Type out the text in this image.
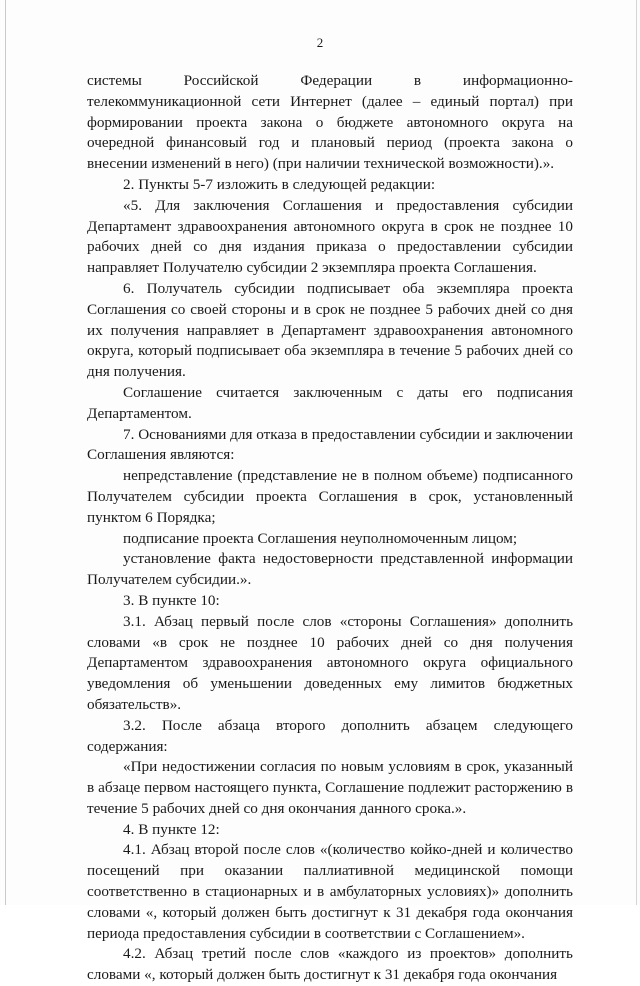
2

системы Российской Федерации в информационно-телекоммуникационной сети Интернет (далее – единый портал) при формировании проекта закона о бюджете автономного округа на очередной финансовый год и плановый период (проекта закона о внесении изменений в него) (при наличии технической возможности).».

2. Пункты 5-7 изложить в следующей редакции:

«5. Для заключения Соглашения и предоставления субсидии Департамент здравоохранения автономного округа в срок не позднее 10 рабочих дней со дня издания приказа о предоставлении субсидии направляет Получателю субсидии 2 экземпляра проекта Соглашения.

6. Получатель субсидии подписывает оба экземпляра проекта Соглашения со своей стороны и в срок не позднее 5 рабочих дней со дня их получения направляет в Департамент здравоохранения автономного округа, который подписывает оба экземпляра в течение 5 рабочих дней со дня получения.

Соглашение считается заключенным с даты его подписания Департаментом.

7. Основаниями для отказа в предоставлении субсидии и заключении Соглашения являются:

непредставление (представление не в полном объеме) подписанного Получателем субсидии проекта Соглашения в срок, установленный пунктом 6 Порядка;

подписание проекта Соглашения неуполномоченным лицом;

установление факта недостоверности представленной информации Получателем субсидии.».

3. В пункте 10:

3.1. Абзац первый после слов «стороны Соглашения» дополнить словами «в срок не позднее 10 рабочих дней со дня получения Департаментом здравоохранения автономного округа официального уведомления об уменьшении доведенных ему лимитов бюджетных обязательств».

3.2. После абзаца второго дополнить абзацем следующего содержания:

«При недостижении согласия по новым условиям в срок, указанный в абзаце первом настоящего пункта, Соглашение подлежит расторжению в течение 5 рабочих дней со дня окончания данного срока.».

4. В пункте 12:

4.1. Абзац второй после слов «(количество койко-дней и количество посещений при оказании паллиативной медицинской помощи соответственно в стационарных и в амбулаторных условиях)» дополнить словами «, который должен быть достигнут к 31 декабря года окончания периода предоставления субсидии в соответствии с Соглашением».

4.2. Абзац третий после слов «каждого из проектов» дополнить словами «, который должен быть достигнут к 31 декабря года окончания
